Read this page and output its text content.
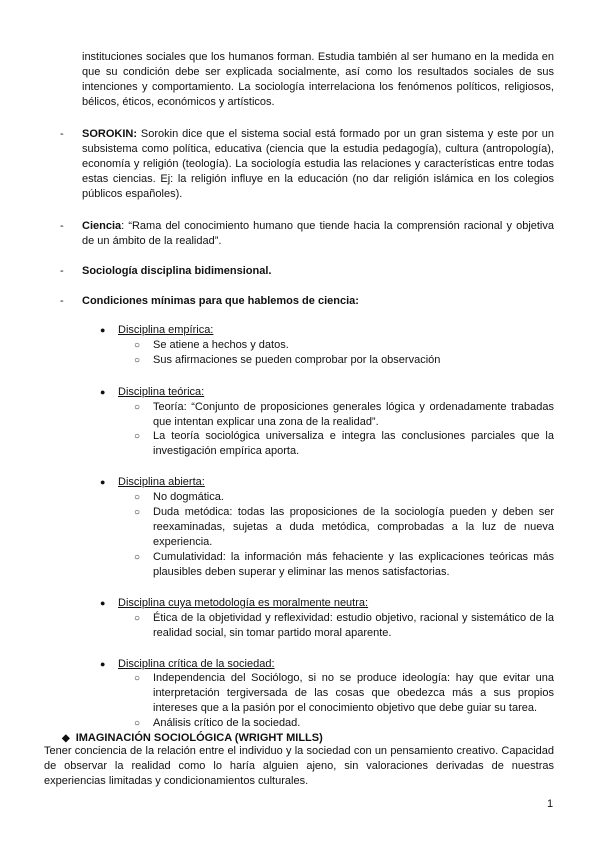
instituciones sociales que los humanos forman. Estudia también al ser humano en la medida en que su condición debe ser explicada socialmente, así como los resultados sociales de sus intenciones y comportamiento. La sociología interrelaciona los fenómenos políticos, religiosos, bélicos, éticos, económicos y artísticos.
-	SOROKIN: Sorokin dice que el sistema social está formado por un gran sistema y este por un subsistema como política, educativa (ciencia que la estudia pedagogía), cultura (antropología), economía y religión (teología). La sociología estudia las relaciones y características entre todas estas ciencias. Ej: la religión influye en la educación (no dar religión islámica en los colegios públicos españoles).
-	Ciencia: “Rama del conocimiento humano que tiende hacia la comprensión racional y objetiva de un ámbito de la realidad”.
-	Sociología disciplina bidimensional.
-	Condiciones mínimas para que hablemos de ciencia:
● Disciplina empírica:
○ Se atiene a hechos y datos.
○ Sus afirmaciones se pueden comprobar por la observación
● Disciplina teórica:
○ Teoría: “Conjunto de proposiciones generales lógica y ordenadamente trabadas que intentan explicar una zona de la realidad”.
○ La teoría sociológica universaliza e integra las conclusiones parciales que la investigación empírica aporta.
● Disciplina abierta:
○ No dogmática.
○ Duda metódica: todas las proposiciones de la sociología pueden y deben ser reexaminadas, sujetas a duda metódica, comprobadas a la luz de nueva experiencia.
○ Cumulatividad: la información más fehaciente y las explicaciones teóricas más plausibles deben superar y eliminar las menos satisfactorias.
● Disciplina cuya metodología es moralmente neutra:
○ Ética de la objetividad y reflexividad: estudio objetivo, racional y sistemático de la realidad social, sin tomar partido moral aparente.
● Disciplina crítica de la sociedad:
○ Independencia del Sociólogo, si no se produce ideología: hay que evitar una interpretación tergiversada de las cosas que obedezca más a sus propios intereses que a la pasión por el conocimiento objetivo que debe guiar su tarea.
○ Análisis crítico de la sociedad.
◆ IMAGINACIÓN SOCIOLÓGICA (WRIGHT MILLS)
Tener conciencia de la relación entre el individuo y la sociedad con un pensamiento creativo. Capacidad de observar la realidad como lo haría alguien ajeno, sin valoraciones derivadas de nuestras experiencias limitadas y condicionamientos culturales.
1
